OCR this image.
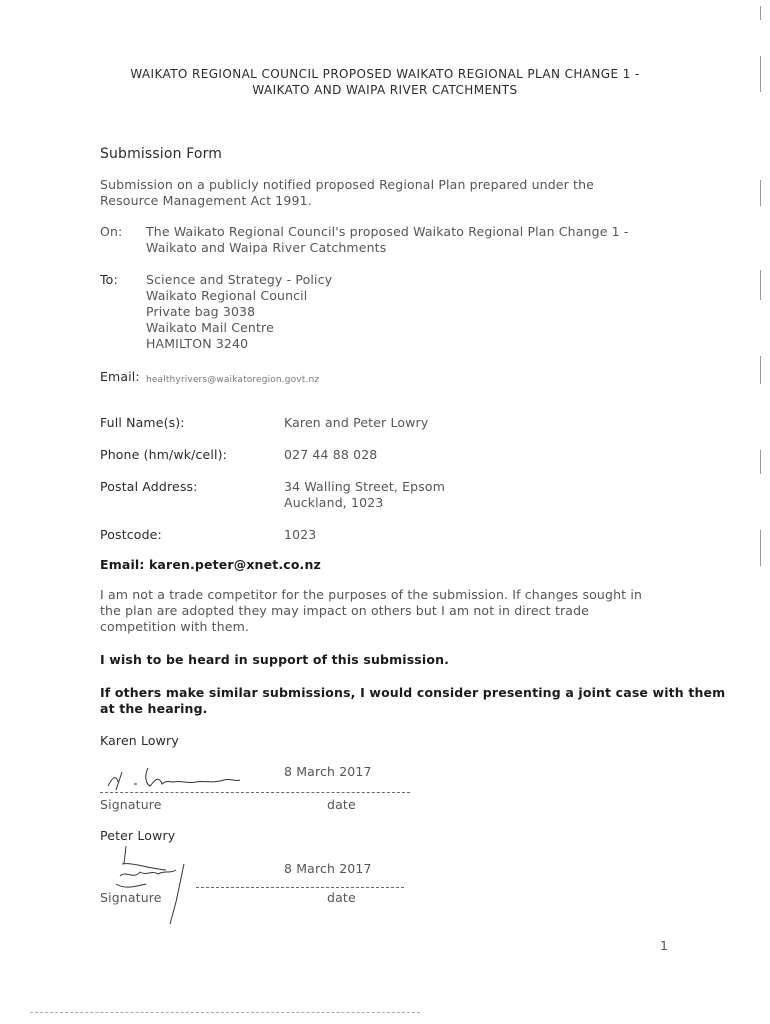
WAIKATO REGIONAL COUNCIL PROPOSED WAIKATO REGIONAL PLAN CHANGE 1 -
WAIKATO AND WAIPA RIVER CATCHMENTS
Submission Form
Submission on a publicly notified proposed Regional Plan prepared under the
Resource Management Act 1991.
On: The Waikato Regional Council's proposed Waikato Regional Plan Change 1 -
Waikato and Waipa River Catchments
To: Science and Strategy - Policy
Waikato Regional Council
Private bag 3038
Waikato Mail Centre
HAMILTON 3240
Email: healthyrivers@waikatoregion.govt.nz
Full Name(s):	Karen and Peter Lowry
Phone (hm/wk/cell):	027 44 88 028
Postal Address:	34 Walling Street, Epsom
Auckland, 1023
Postcode:	1023
Email: karen.peter@xnet.co.nz
I am not a trade competitor for the purposes of the submission. If changes sought in
the plan are adopted they may impact on others but I am not in direct trade
competition with them.
I wish to be heard in support of this submission.
If others make similar submissions, I would consider presenting a joint case with them
at the hearing.
Karen Lowry
8 March 2017
Signature	date
Peter Lowry
8 March 2017
Signature	date
1
